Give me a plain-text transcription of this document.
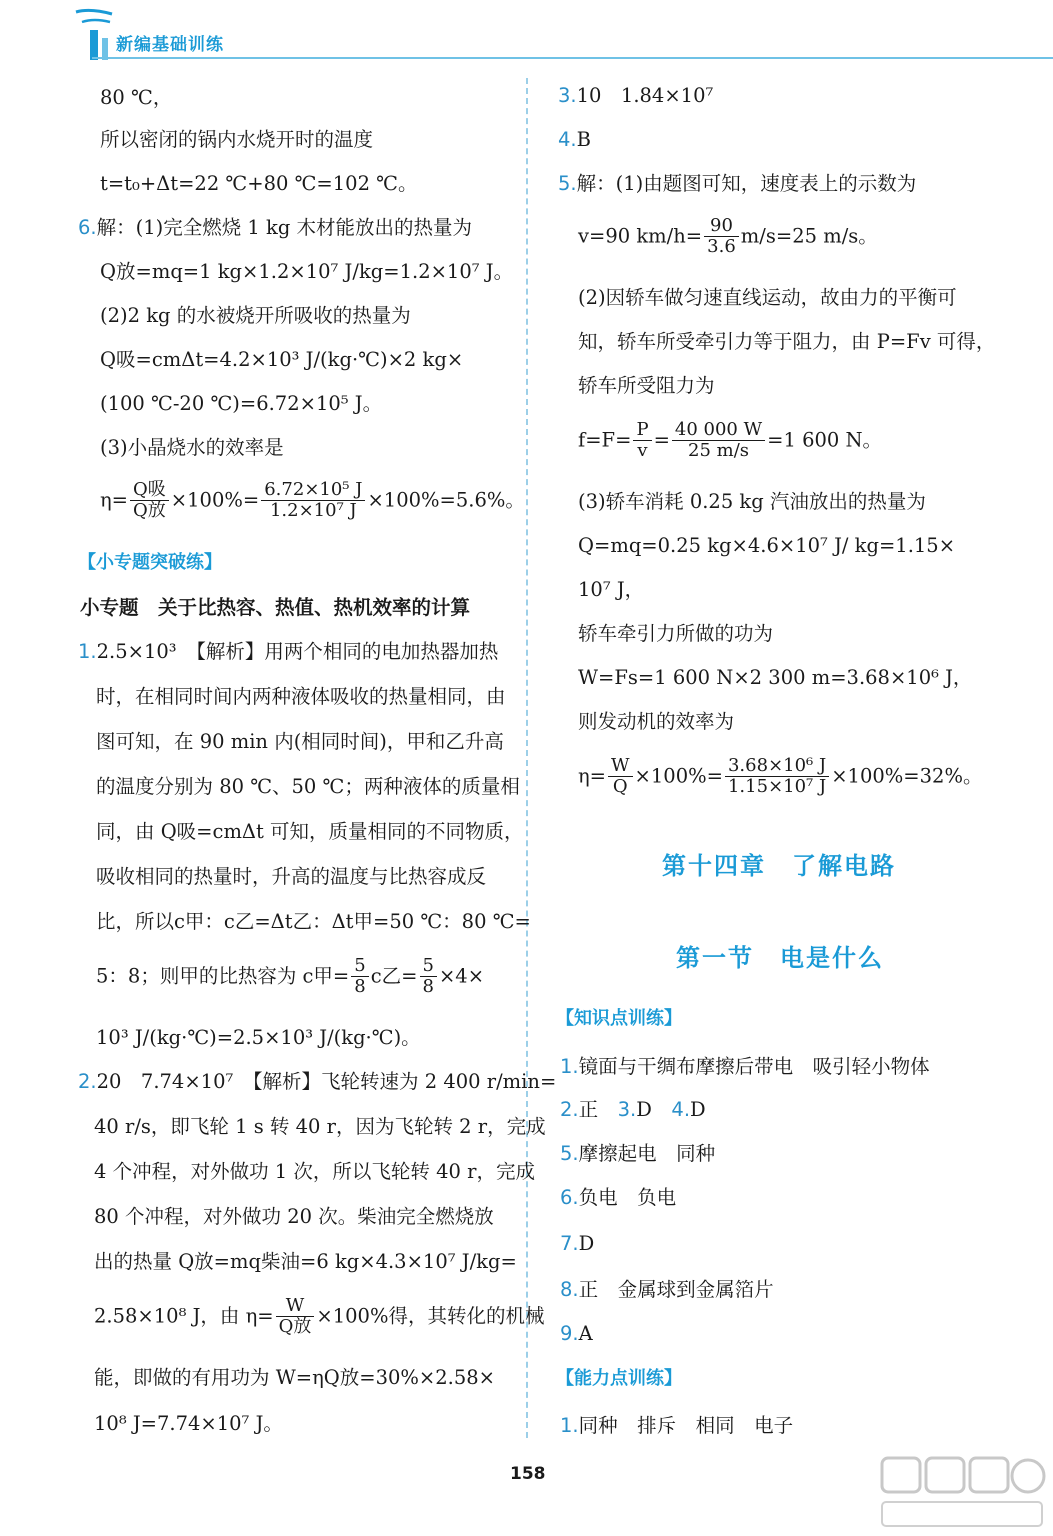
新编基础训练
80 ℃，
所以密闭的锅内水烧开时的温度
t=t₀+Δt=22 ℃+80 ℃=102 ℃。
6.解：(1)完全燃烧 1 kg 木材能放出的热量为
Q放=mq=1 kg×1.2×10⁷ J/kg=1.2×10⁷ J。
(2)2 kg 的水被烧开所吸收的热量为
Q吸=cmΔt=4.2×10³ J/(kg·℃)×2 kg×
(100 ℃-20 ℃)=6.72×10⁵ J。
(3)小晶烧水的效率是
$\eta= \frac{\text{Q吸}}{\text{Q放}} \times 100\%= \frac{\text{6.72×10⁵ J}}{\text{1.2×10⁷ J}} \times 100\%=5.6\%$。
【小专题突破练】
小专题　关于比热容、热值、热机效率的计算
1.2.5×10³　【解析】用两个相同的电加热器加热
时，在相同时间内两种液体吸收的热量相同，由
图可知，在 90 min 内(相同时间)，甲和乙升高
的温度分别为 80 ℃、50 ℃；两种液体的质量相
同，由 Q吸=cmΔt 可知，质量相同的不同物质，
吸收相同的热量时，升高的温度与比热容成反
比，所以c甲：c乙=Δt乙：Δt甲=50 ℃：80 ℃=
5：8；则甲的比热容为 c甲= $\frac{5}{8}$ c乙= $\frac{5}{8} \times 4\times$
10³ J/(kg·℃)=2.5×10³ J/(kg·℃)。
2.20　7.74×10⁷　【解析】飞轮转速为 2 400 r/min=
40 r/s，即飞轮 1 s 转 40 r，因为飞轮转 2 r，完成
4 个冲程，对外做功 1 次，所以飞轮转 40 r，完成
80 个冲程，对外做功 20 次。柴油完全燃烧放
出的热量 Q放=mq柴油=6 kg×4.3×10⁷ J/kg=
2.58×10⁸ J，由 $\eta= \frac{W}{\text{Q放}} \times 100\%$得，其转化的机械
能，即做的有用功为 W=ηQ放=30%×2.58×
10⁸ J=7.74×10⁷ J。
3.10　1.84×10⁷
4.B
5.解：(1)由题图可知，速度表上的示数为
v=90 $km/h= \frac{90}{3.6} m/s=25$ m/s。
(2)因轿车做匀速直线运动，故由力的平衡可
知，轿车所受牵引力等于阻力，由 P=Fv 可得，
轿车所受阻力为
$f=F= \frac{P}{v} = \frac{40 000 W}{25 m/s} =1$ 600 N。
(3)轿车消耗 0.25 kg 汽油放出的热量为
Q=mq=0.25 kg×4.6×10⁷ J/ kg=1.15×
10⁷ J，
轿车牵引力所做的功为
W=Fs=1 600 N×2 300 m=3.68×10⁶ J，
则发动机的效率为
$\eta= \frac{W}{Q} \times 100\%= \frac{\text{3.68×10⁶ J}}{\text{1.15×10⁷ J}} \times 100\%=32\%$。
第十四章　了解电路
第一节　电是什么
【知识点训练】
1.镜面与干绸布摩擦后带电　吸引轻小物体
2.正　 3.D　 4.D
5.摩擦起电　同种
6.负电　负电
7.D
8.正　金属球到金属箔片
9.A
【能力点训练】
1.同种　排斥　相同　电子
158
